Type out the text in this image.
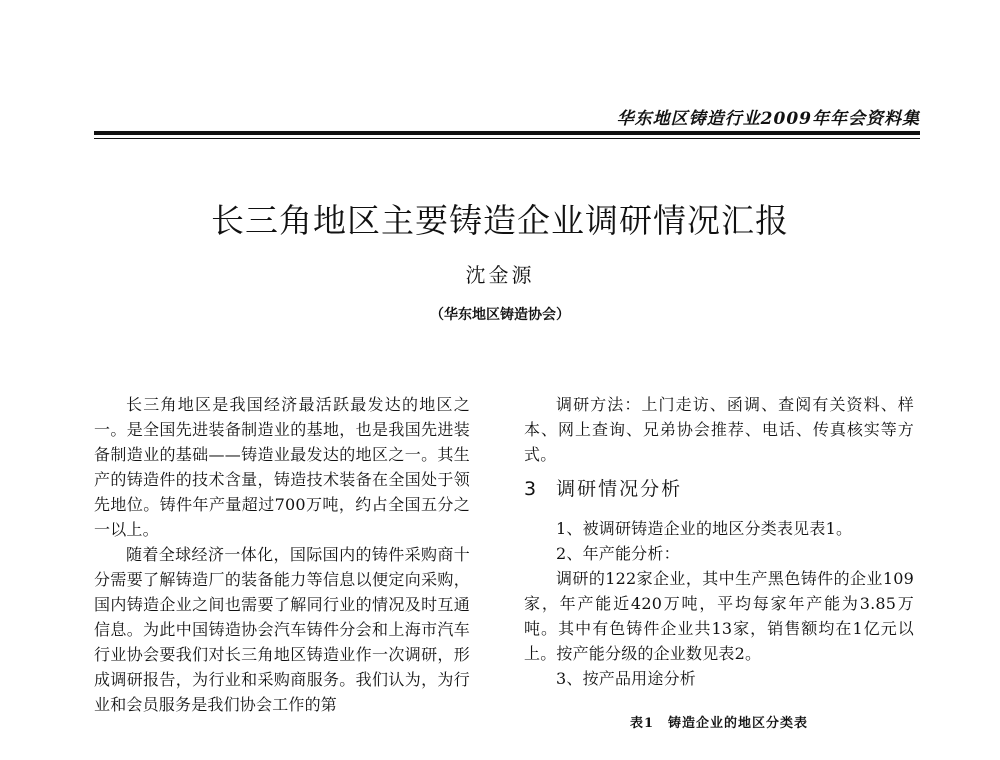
华东地区铸造行业2009年年会资料集
长三角地区主要铸造企业调研情况汇报
沈金源
（华东地区铸造协会）

长三角地区是我国经济最活跃最发达的地区之一。是全国先进装备制造业的基地，也是我国先进装备制造业的基础——铸造业最发达的地区之一。其生产的铸造件的技术含量，铸造技术装备在全国处于领先地位。铸件年产量超过700万吨，约占全国五分之一以上。

随着全球经济一体化，国际国内的铸件采购商十分需要了解铸造厂的装备能力等信息以便定向采购，国内铸造企业之间也需要了解同行业的情况及时互通信息。为此中国铸造协会汽车铸件分会和上海市汽车行业协会要我们对长三角地区铸造业作一次调研，形成调研报告，为行业和采购商服务。我们认为，为行业和会员服务是我们协会工作的第

调研方法：上门走访、函调、查阅有关资料、样本、网上查询、兄弟协会推荐、电话、传真核实等方式。

3 调研情况分析

1、被调研铸造企业的地区分类表见表1。

2、年产能分析：

调研的122家企业，其中生产黑色铸件的企业109家，年产能近420万吨，平均每家年产能为3.85万吨。其中有色铸件企业共13家，销售额均在1亿元以上。按产能分级的企业数见表2。

3、按产品用途分析

表1　铸造企业的地区分类表
